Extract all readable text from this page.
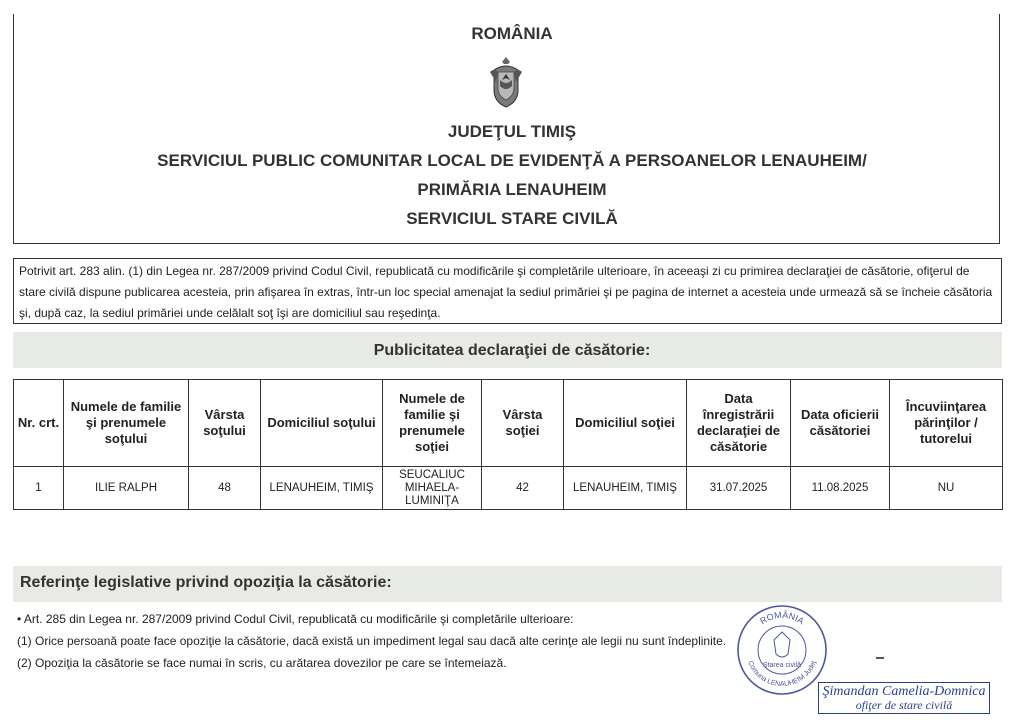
ROMÂNIA
JUDEŢUL TIMIŞ
SERVICIUL PUBLIC COMUNITAR LOCAL DE EVIDENŢĂ A PERSOANELOR LENAUHEIM/
PRIMĂRIA LENAUHEIM
SERVICIUL STARE CIVILĂ
Potrivit art. 283 alin. (1) din Legea nr. 287/2009 privind Codul Civil, republicată cu modificările şi completările ulterioare, în aceeaşi zi cu primirea declaraţiei de căsătorie, ofiţerul de stare civilă dispune publicarea acesteia, prin afişarea în extras, într-un loc special amenajat la sediul primăriei şi pe pagina de internet a acesteia unde urmează să se încheie căsătoria şi, după caz, la sediul primăriei unde celălalt soţ îşi are domiciliul sau reşedinţa.
Publicitatea declaraţiei de căsătorie:
Nr. crt.	Numele de familie şi prenumele soţului	Vârsta soţului	Domiciliul soţului	Numele de familie şi prenumele soţiei	Vârsta soţiei	Domiciliul soţiei	Data înregistrării declaraţiei de căsătorie	Data oficierii căsătoriei	Încuviinţarea părinţilor / tutorelui
1	ILIE RALPH	48	LENAUHEIM, TIMIŞ	SEUCALIUC MIHAELA-LUMINIŢA	42	LENAUHEIM, TIMIŞ	31.07.2025	11.08.2025	NU
Referinţe legislative privind opoziţia la căsătorie:
• Art. 285 din Legea nr. 287/2009 privind Codul Civil, republicată cu modificările şi completările ulterioare:
(1) Orice persoană poate face opoziţie la căsătorie, dacă există un impediment legal sau dacă alte cerinţe ale legii nu sunt îndeplinite.
(2) Opoziţia la căsătorie se face numai în scris, cu arătarea dovezilor pe care se întemeiază.
ROMÂNIA
Comuna LENAUHEIM Judeţ
Starea civilă
Şimandan Camelia-Domnica
ofiţer de stare civilă
